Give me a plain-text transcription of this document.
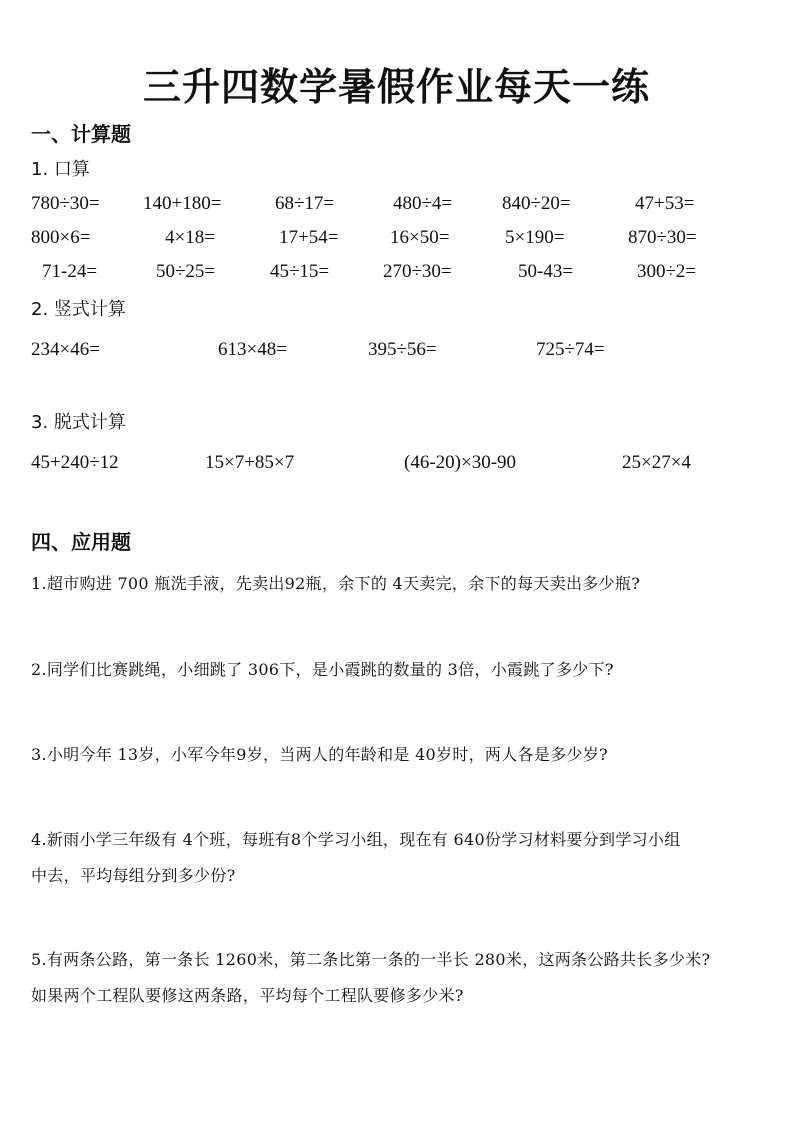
三升四数学暑假作业每天一练
一、计算题
1. 口算
780÷30= 140+180=	68÷17=	480÷4=	840÷20=	47+53=
800×6=	4×18=	17+54=	16×50=	5×190=	870÷30=
71-24=	50÷25=	45÷15=	270÷30=	50-43=	300÷2=
2. 竖式计算
234×46=	613×48=	395÷56=	725÷74=
3. 脱式计算
45+240÷12	15×7+85×7	(46-20)×30-90	25×27×4
四、应用题
1.超市购进 700 瓶洗手液，先卖出92瓶，余下的 4天卖完，余下的每天卖出多少瓶?
2.同学们比赛跳绳，小细跳了 306下，是小霞跳的数量的 3倍，小霞跳了多少下?
3.小明今年 13岁，小军今年9岁，当两人的年龄和是 40岁时，两人各是多少岁?
4.新雨小学三年级有 4个班，每班有8个学习小组，现在有 640份学习材料要分到学习小组
中去，平均每组分到多少份?
5.有两条公路，第一条长 1260米，第二条比第一条的一半长 280米，这两条公路共长多少米?
如果两个工程队要修这两条路，平均每个工程队要修多少米?
